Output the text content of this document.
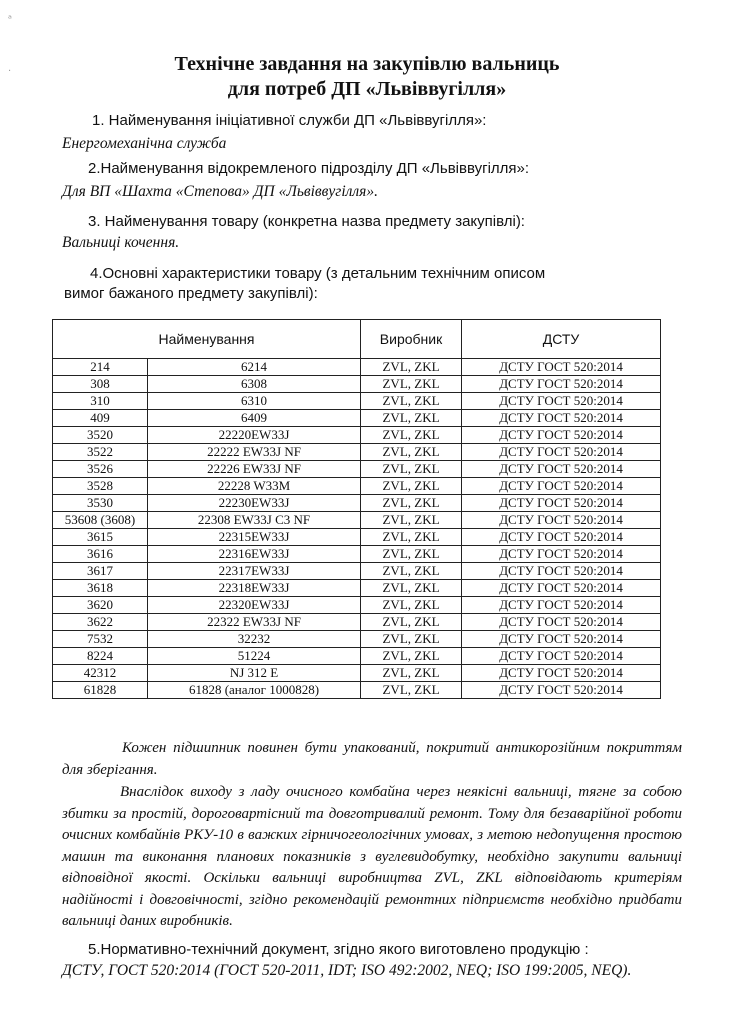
ᵃ
·	Технічне завдання на закупівлю вальниць
для потреб ДП «Львіввугілля»
1. Найменування ініціативної служби ДП «Львіввугілля»:
Енергомеханічна служба
2.Найменування відокремленого підрозділу ДП «Львіввугілля»:
Для ВП «Шахта «Степова» ДП «Львіввугілля».
3. Найменування товару (конкретна назва предмету закупівлі):
Вальниці кочення.
4.Основні характеристики товару (з детальним технічним описом
вимог бажаного предмету закупівлі):
Найменування		Виробник	ДСТУ
214	6214	ZVL, ZKL	ДСТУ ГОСТ 520:2014
308	6308	ZVL, ZKL	ДСТУ ГОСТ 520:2014
310	6310	ZVL, ZKL	ДСТУ ГОСТ 520:2014
409	6409	ZVL, ZKL	ДСТУ ГОСТ 520:2014
3520	22220EW33J	ZVL, ZKL	ДСТУ ГОСТ 520:2014
3522	22222 EW33J NF	ZVL, ZKL	ДСТУ ГОСТ 520:2014
3526	22226 EW33J NF	ZVL, ZKL	ДСТУ ГОСТ 520:2014
3528	22228 W33M	ZVL, ZKL	ДСТУ ГОСТ 520:2014
3530	22230EW33J	ZVL, ZKL	ДСТУ ГОСТ 520:2014
53608 (3608)	22308 EW33J C3 NF	ZVL, ZKL	ДСТУ ГОСТ 520:2014
3615	22315EW33J	ZVL, ZKL	ДСТУ ГОСТ 520:2014
3616	22316EW33J	ZVL, ZKL	ДСТУ ГОСТ 520:2014
3617	22317EW33J	ZVL, ZKL	ДСТУ ГОСТ 520:2014
3618	22318EW33J	ZVL, ZKL	ДСТУ ГОСТ 520:2014
3620	22320EW33J	ZVL, ZKL	ДСТУ ГОСТ 520:2014
3622	22322 EW33J NF	ZVL, ZKL	ДСТУ ГОСТ 520:2014
7532	32232	ZVL, ZKL	ДСТУ ГОСТ 520:2014
8224	51224	ZVL, ZKL	ДСТУ ГОСТ 520:2014
42312	NJ 312 E	ZVL, ZKL	ДСТУ ГОСТ 520:2014
61828	61828 (аналог 1000828)	ZVL, ZKL	ДСТУ ГОСТ 520:2014
Кожен підшипник повинен бути упакований, покритий антикорозійним покриттям для зберігання.
Внаслідок виходу з ладу очисного комбайна через неякісні вальниці, тягне за собою збитки за простій, дороговартісний та довготривалий ремонт. Тому для безаварійної роботи очисних комбайнів РКУ-10 в важких гірничогеологічних умовах, з метою недопущення простою машин та виконання планових показників з вуглевидобутку, необхідно закупити вальниці відповідної якості. Оскільки вальниці виробництва ZVL, ZKL відповідають критеріям надійності і довговічності, згідно рекомендацій ремонтних підприємств необхідно придбати вальниці даних виробників.
5.Нормативно-технічний документ, згідно якого виготовлено продукцію :
ДСТУ, ГОСТ 520:2014 (ГОСТ 520-2011, IDT; ISO 492:2002, NEQ; ISO 199:2005, NEQ).
